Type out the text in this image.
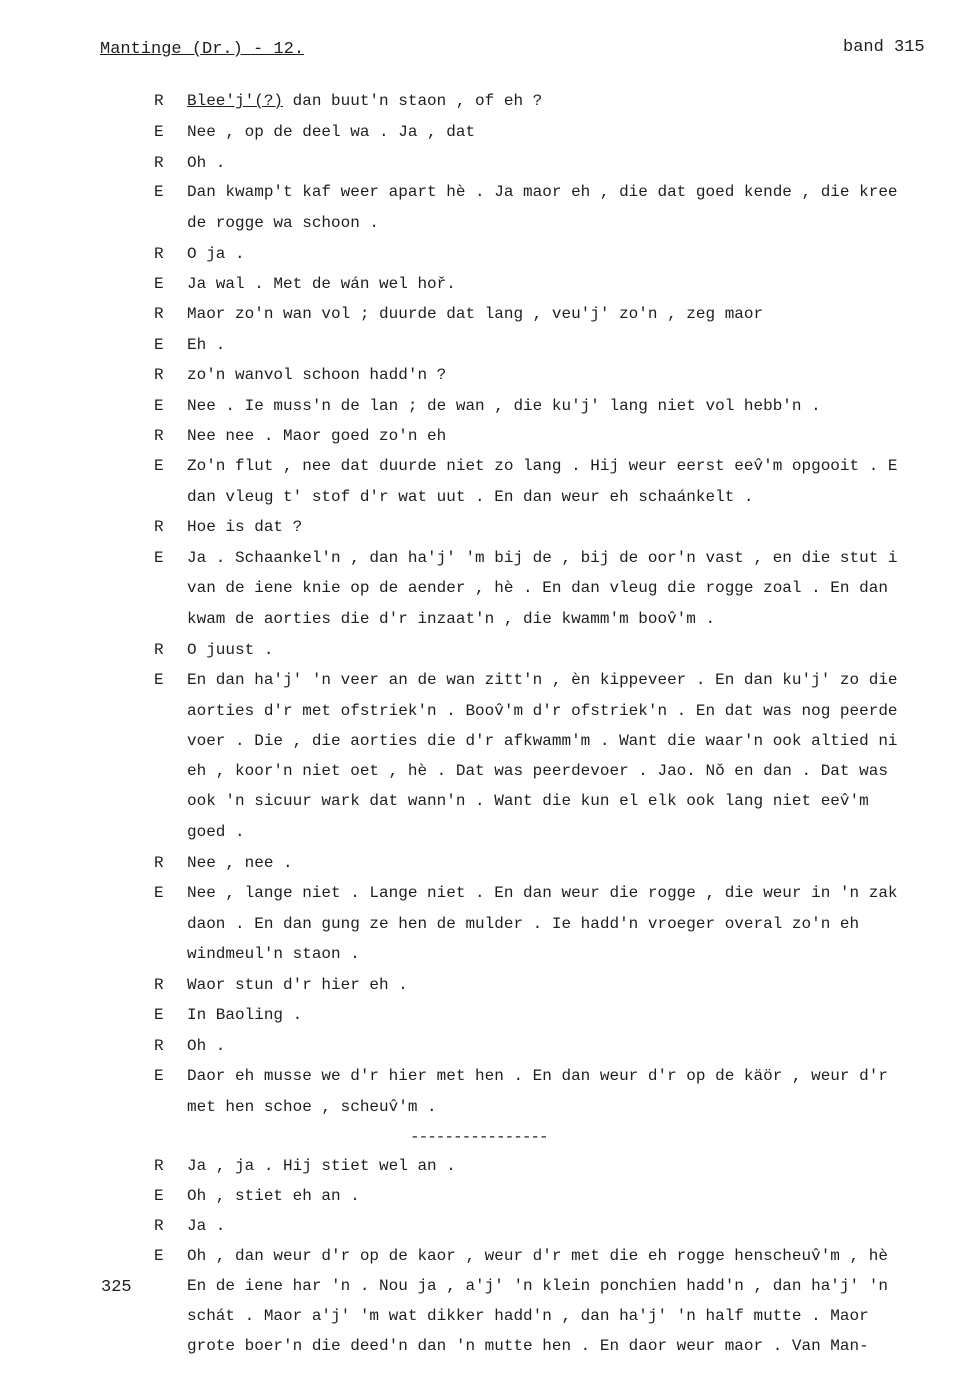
Mantinge (Dr.) - 12.	band 315
R Blee'j'(?) dan buut'n staon , of eh ?
E Nee , op de deel wa . Ja , dat
R Oh .
E Dan kwamp't kaf weer apart hè . Ja maor eh , die dat goed kende , die kree
de rogge wa schoon .
R O ja .
E Ja wal . Met de wán wel hoř.
R Maor zo'n wan vol ; duurde dat lang , veu'j' zo'n , zeg maor
E Eh .
R zo'n wanvol schoon hadd'n ?
E Nee . Ie muss'n de lan ; de wan , die ku'j' lang niet vol hebb'n .
R Nee nee . Maor goed zo'n eh
E Zo'n flut , nee dat duurde niet zo lang . Hij weur eerst eev̂'m opgooit . E
dan vleug t' stof d'r wat uut . En dan weur eh schaánkelt .
R Hoe is dat ?
E Ja . Schaankel'n , dan ha'j' 'm bij de , bij de oor'n vast , en die stut i
van de iene knie op de aender , hè . En dan vleug die rogge zoal . En dan
kwam de aorties die d'r inzaat'n , die kwamm'm boov̂'m .
R O juust .
E En dan ha'j' 'n veer an de wan zitt'n , èn kippeveer . En dan ku'j' zo die
aorties d'r met ofstriek'n . Boov̂'m d'r ofstriek'n . En dat was nog peerde
voer . Die , die aorties die d'r afkwamm'm . Want die waar'n ook altied ni
eh , koor'n niet oet , hè . Dat was peerdevoer . Jao. Nǒ en dan . Dat was
ook 'n sicuur wark dat wann'n . Want die kun el elk ook lang niet eev̂'m
goed .
R Nee , nee .
E Nee , lange niet . Lange niet . En dan weur die rogge , die weur in 'n zak
daon . En dan gung ze hen de mulder . Ie hadd'n vroeger overal zo'n eh
windmeul'n staon .
R Waor stun d'r hier eh .
E In Baoling .
R Oh .
E Daor eh musse we d'r hier met hen . En dan weur d'r op de käör , weur d'r
met hen schoe , scheuv̂'m .
R Ja , ja . Hij stiet wel an .
E Oh , stiet eh an .
R Ja .
E Oh , dan weur d'r op de kaor , weur d'r met die eh rogge henscheuv̂'m , hè
En de iene har 'n . Nou ja , a'j' 'n klein ponchien hadd'n , dan ha'j' 'n
schát . Maor a'j' 'm wat dikker hadd'n , dan ha'j' 'n half mutte . Maor
grote boer'n die deed'n dan 'n mutte hen . En daor weur maor . Van Man-
----------------
325
